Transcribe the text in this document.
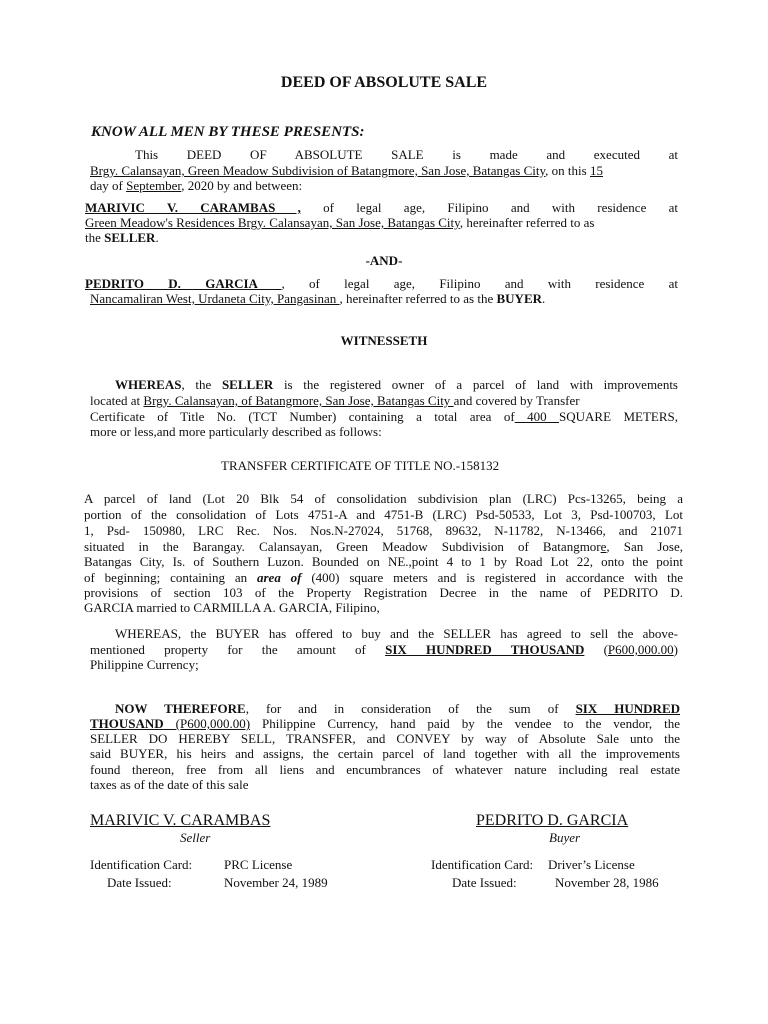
DEED OF ABSOLUTE SALE
KNOW ALL MEN BY THESE PRESENTS:
This DEED OF ABSOLUTE SALE is made and executed at
Brgy. Calansayan, Green Meadow Subdivision of Batangmore, San Jose, Batangas City, on this 15
day of September, 2020 by and between:
MARIVIC V. CARAMBAS , of legal age, Filipino and with residence at
Green Meadow's Residences Brgy. Calansayan, San Jose, Batangas City, hereinafter referred to as
the SELLER.
-AND-
PEDRITO D. GARCIA , of legal age, Filipino and with residence at
Nancamaliran West, Urdaneta City, Pangasinan , hereinafter referred to as the BUYER.
WITNESSETH
WHEREAS, the SELLER is the registered owner of a parcel of land with improvements
located at Brgy. Calansayan, of Batangmore, San Jose, Batangas City and covered by Transfer
Certificate of Title No. (TCT Number) containing a total area of 400 SQUARE METERS,
more or less,and more particularly described as follows:
TRANSFER CERTIFICATE OF TITLE NO.-158132
A parcel of land (Lot 20 Blk 54 of consolidation subdivision plan (LRC) Pcs-13265, being a
portion of the consolidation of Lots 4751-A and 4751-B (LRC) Psd-50533, Lot 3, Psd-100703, Lot
1, Psd- 150980, LRC Rec. Nos. Nos.N-27024, 51768, 89632, N-11782, N-13466, and 21071
situated in the Barangay. Calansayan, Green Meadow Subdivision of Batangmore, San Jose,
Batangas City, Is. of Southern Luzon. Bounded on NE.,point 4 to 1 by Road Lot 22, onto the point
of beginning; containing an area of (400) square meters and is registered in accordance with the
provisions of section 103 of the Property Registration Decree in the name of PEDRITO D.
GARCIA married to CARMILLA A. GARCIA, Filipino,
WHEREAS, the BUYER has offered to buy and the SELLER has agreed to sell the above-
mentioned property for the amount of SIX HUNDRED THOUSAND (P600,000.00)
Philippine Currency;
NOW THEREFORE, for and in consideration of the sum of SIX HUNDRED
THOUSAND (P600,000.00) Philippine Currency, hand paid by the vendee to the vendor, the
SELLER DO HEREBY SELL, TRANSFER, and CONVEY by way of Absolute Sale unto the
said BUYER, his heirs and assigns, the certain parcel of land together with all the improvements
found thereon, free from all liens and encumbrances of whatever nature including real estate
taxes as of the date of this sale
MARIVIC V. CARAMBAS
Seller
PEDRITO D. GARCIA
Buyer
Identification Card: PRC License
Date Issued:	November 24, 1989
Identification Card: Driver’s License
Date Issued:	November 28, 1986
